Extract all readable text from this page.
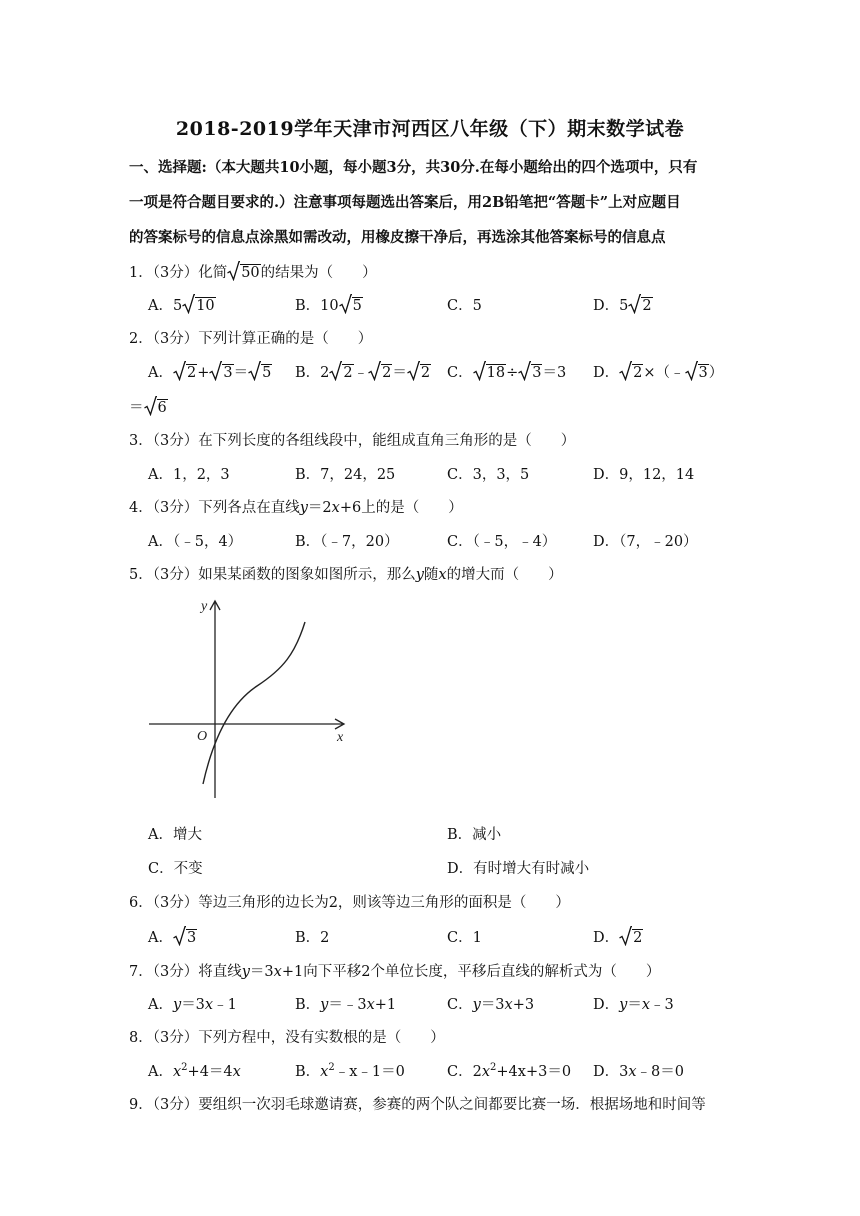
2018-2019学年天津市河西区八年级（下）期末数学试卷
一、选择题:（本大题共10小题，每小题3分，共30分.在每小题给出的四个选项中，只有
一项是符合题目要求的.）注意事项每题选出答案后，用2B铅笔把“答题卡”上对应题目
的答案标号的信息点涂黑如需改动，用橡皮擦干净后，再选涂其他答案标号的信息点
1．（3分）化简 50的结果为（　　）
A．5 10	B．10 5	C．5	D．5 2
2．（3分）下列计算正确的是（　　）
A． 2+ 3＝ 5 B．2 2﹣ 2＝ 2 C． 18÷ 3＝3 D． 2×（﹣ 3）
＝ 6
3．（3分）在下列长度的各组线段中，能组成直角三角形的是（　　）
A．1，2，3	B．7，24，25	C．3，3，5	D．9，12，14
4．（3分）下列各点在直线y＝2x+6上的是（　　）
A．（﹣5，4）	B．（﹣7，20）	C．（﹣5，﹣4）	D．（7，﹣20）
5．（3分）如果某函数的图象如图所示，那么y随x的增大而（　　）
y
x
O
A．增大	B．减小
C．不变	D．有时增大有时减小
6．（3分）等边三角形的边长为2，则该等边三角形的面积是（　　）
A． 3	B．2	C．1	D． 2
7．（3分）将直线y＝3x+1向下平移2个单位长度，平移后直线的解析式为（　　）
A．y＝3x﹣1	B．y＝﹣3x+1	C．y＝3x+3	D．y＝x﹣3
8．（3分）下列方程中，没有实数根的是（　　）
A．$x^2+4=4x$	B．$x^2﹣x﹣1=0$	C．$2x^2+4x+3=0$ D．3x﹣8＝0
9．（3分）要组织一次羽毛球邀请赛，参赛的两个队之间都要比赛一场．根据场地和时间等
